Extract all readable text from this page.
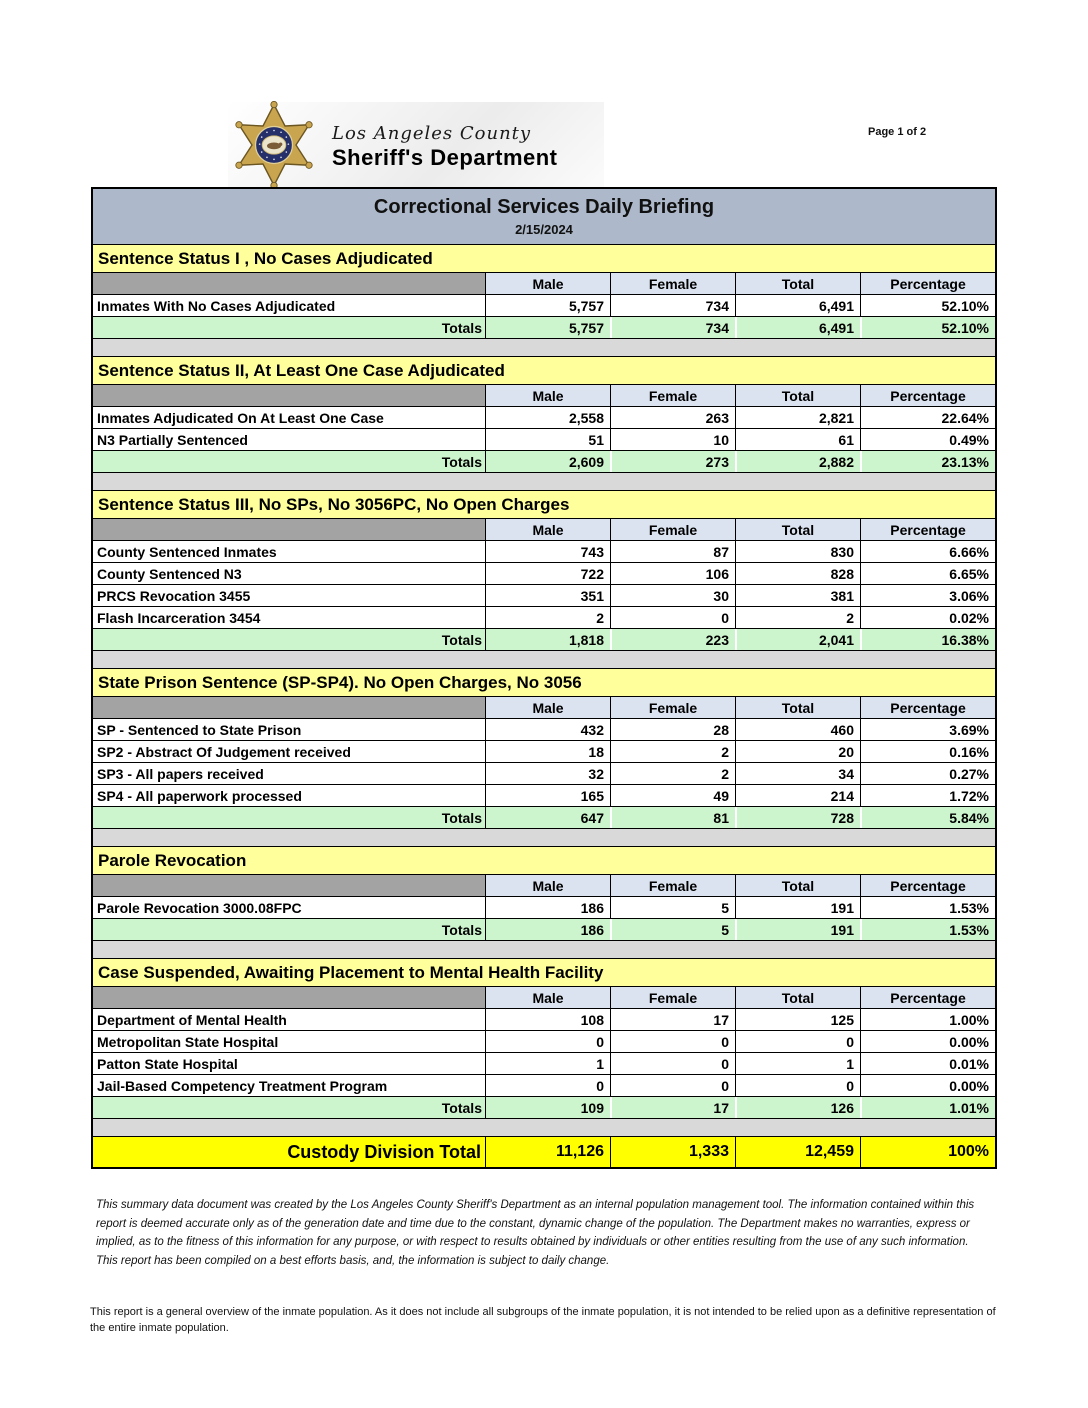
Page 1 of 2
Los Angeles County
Sheriff's Department
Correctional Services Daily Briefing
2/15/2024
Sentence Status I , No Cases Adjudicated
Male	Female	Total	Percentage
Inmates With No Cases Adjudicated	5,757	734	6,491	52.10%
Totals	5,757	734	6,491	52.10%
Sentence Status II, At Least One Case Adjudicated
Male	Female	Total	Percentage
Inmates Adjudicated On At Least One Case	2,558	263	2,821	22.64%
N3 Partially Sentenced	51	10	61	0.49%
Totals	2,609	273	2,882	23.13%
Sentence Status III, No SPs, No 3056PC, No Open Charges
Male	Female	Total	Percentage
County Sentenced Inmates	743	87	830	6.66%
County Sentenced N3	722	106	828	6.65%
PRCS Revocation 3455	351	30	381	3.06%
Flash Incarceration 3454	2	0	2	0.02%
Totals	1,818	223	2,041	16.38%
State Prison Sentence (SP-SP4). No Open Charges, No 3056
Male	Female	Total	Percentage
SP - Sentenced to State Prison	432	28	460	3.69%
SP2 - Abstract Of Judgement received	18	2	20	0.16%
SP3 - All papers received	32	2	34	0.27%
SP4 - All paperwork processed	165	49	214	1.72%
Totals	647	81	728	5.84%
Parole Revocation
Male	Female	Total	Percentage
Parole Revocation 3000.08FPC	186	5	191	1.53%
Totals	186	5	191	1.53%
Case Suspended, Awaiting Placement to Mental Health Facility
Male	Female	Total	Percentage
Department of Mental Health	108	17	125	1.00%
Metropolitan State Hospital	0	0	0	0.00%
Patton State Hospital	1	0	1	0.01%
Jail-Based Competency Treatment Program	0	0	0	0.00%
Totals	109	17	126	1.01%
Custody Division Total	11,126	1,333	12,459	100%
This summary data document was created by the Los Angeles County Sheriff's Department as an internal population management tool. The information contained within this report is deemed accurate only as of the generation date and time due to the constant, dynamic change of the population. The Department makes no warranties, express or implied, as to the fitness of this information for any purpose, or with respect to results obtained by individuals or other entities resulting from the use of any such information. This report has been compiled on a best efforts basis, and, the information is subject to daily change.
This report is a general overview of the inmate population. As it does not include all subgroups of the inmate population, it is not intended to be relied upon as a definitive representation of the entire inmate population.
